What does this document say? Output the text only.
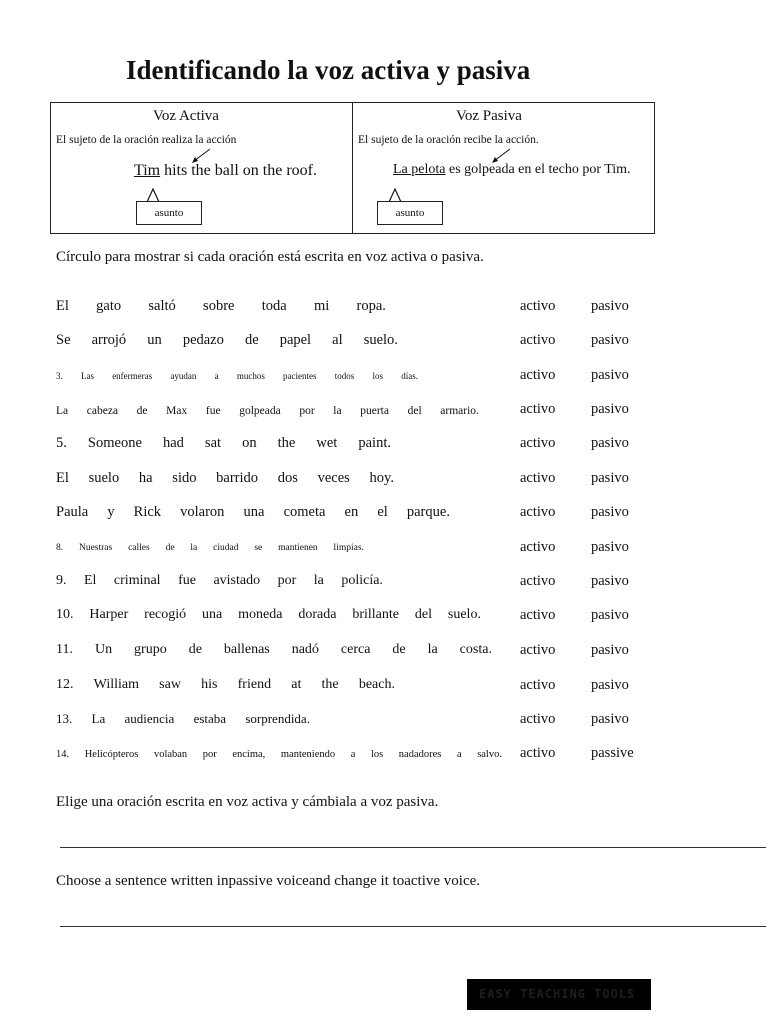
Identificando la voz activa y pasiva
Voz Activa
El sujeto de la oración realiza la acción
Tim hits the ball on the roof.
asunto
Voz Pasiva
El sujeto de la oración recibe la acción.
La pelota es golpeada en el techo por Tim.
asunto
Círculo para mostrar si cada oración está escrita en voz activa o pasiva.
El gato saltó sobre toda mi ropa.	activo pasivo
Se arrojó un pedazo de papel al suelo.	activo pasivo
3. Las enfermeras ayudan a muchos pacientes todos los días.	activo pasivo
La cabeza de Max fue golpeada por la puerta del armario.	activo pasivo
5. Someone had sat on the wet paint.	activo pasivo
El suelo ha sido barrido dos veces hoy.	activo pasivo
Paula y Rick volaron una cometa en el parque.	activo pasivo
8. Nuestras calles de la ciudad se mantienen limpias.	activo pasivo
9. El criminal fue avistado por la policía.	activo pasivo
10. Harper recogió una moneda dorada brillante del suelo.	activo pasivo
11. Un grupo de ballenas nadó cerca de la costa. activo pasivo
12. William saw his friend at the beach.	activo pasivo
13. La audiencia estaba sorprendida.	activo pasivo
14. Helicópteros volaban por encima, manteniendo a los nadadores a salvo. activo passive
Elige una oración escrita en voz activa y cámbiala a voz pasiva.
Choose a sentence written inpassive voiceand change it toactive voice.
EASY TEACHING TOOLS
